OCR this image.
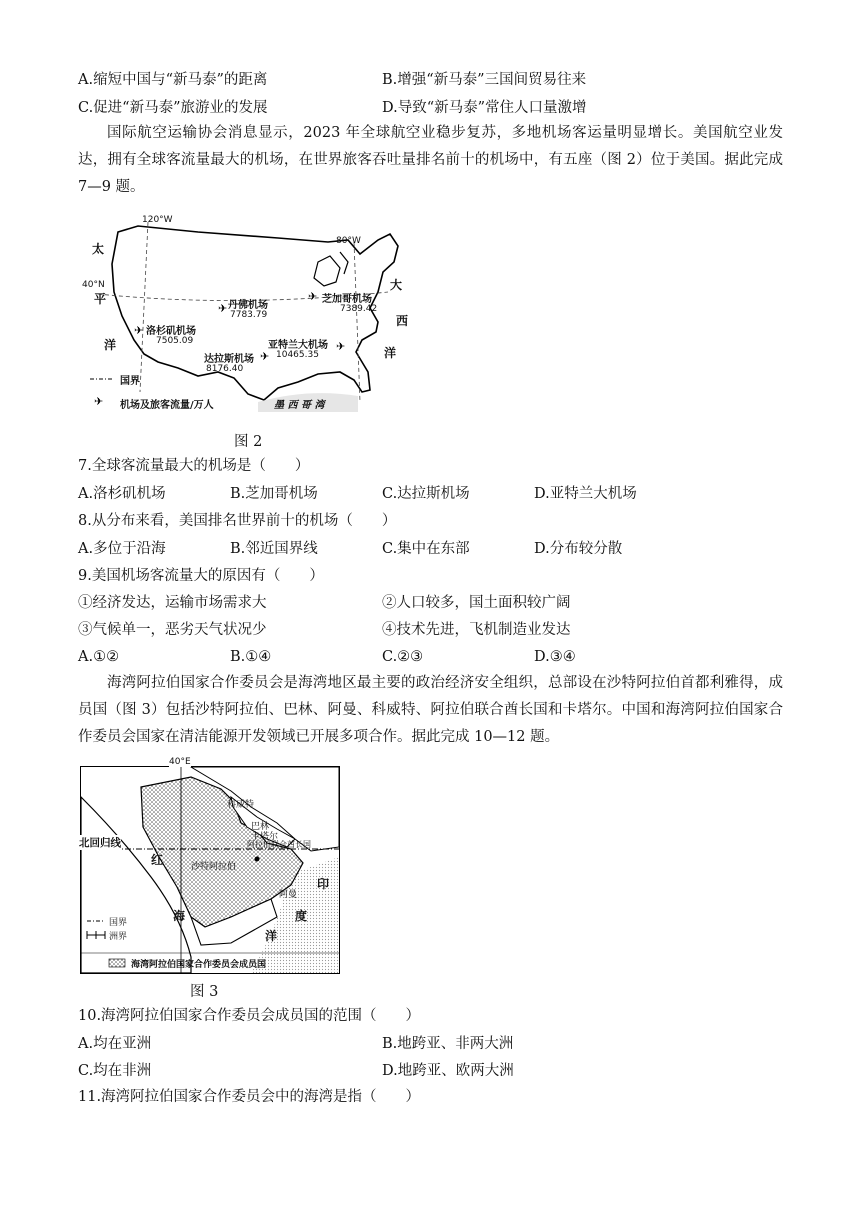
A.缩短中国与“新马泰”的距离	B.增强“新马泰”三国间贸易往来
C.促进“新马泰”旅游业的发展	D.导致“新马泰”常住人口量激增
国际航空运输协会消息显示，2023 年全球航空业稳步复苏，多地机场客运量明显增长。美国航空业发达，拥有全球客流量最大的机场，在世界旅客吞吐量排名前十的机场中，有五座（图 2）位于美国。据此完成 7—9 题。
✈
✈
✈
✈
✈
✈
120°W
80°W
40°N
太
平
洋
大
西
洋
墨 西 哥 湾
丹佛机场
7783.79
芝加哥机场
7389.42
洛杉矶机场
7505.09	亚特兰大机场
10465.35
达拉斯机场
8176.40
国界
机场及旅客流量/万人
图 2
7.全球客流量最大的机场是（　　）
A.洛杉矶机场	B.芝加哥机场	C.达拉斯机场	D.亚特兰大机场
8.从分布来看，美国排名世界前十的机场（　　）
A.多位于沿海	B.邻近国界线	C.集中在东部	D.分布较分散
9.美国机场客流量大的原因有（　　）
①经济发达，运输市场需求大	②人口较多，国土面积较广阔
③气候单一，恶劣天气状况少	④技术先进，飞机制造业发达
A.①②	B.①④	C.②③	D.③④
海湾阿拉伯国家合作委员会是海湾地区最主要的政治经济安全组织，总部设在沙特阿拉伯首都利雅得，成员国（图 3）包括沙特阿拉伯、巴林、阿曼、科威特、阿拉伯联合酋长国和卡塔尔。中国和海湾阿拉伯国家合作委员会国家在清洁能源开发领域已开展多项合作。据此完成 10—12 题。
40°E
北回归线
科威特
巴林
卡塔尔
阿拉伯联合酋长国
沙特阿拉伯
阿曼
红
海
印
度
洋
国界
洲界
海湾阿拉伯国家合作委员会成员国
图 3
10.海湾阿拉伯国家合作委员会成员国的范围（　　）
A.均在亚洲	B.地跨亚、非两大洲
C.均在非洲	D.地跨亚、欧两大洲
11.海湾阿拉伯国家合作委员会中的海湾是指（　　）
